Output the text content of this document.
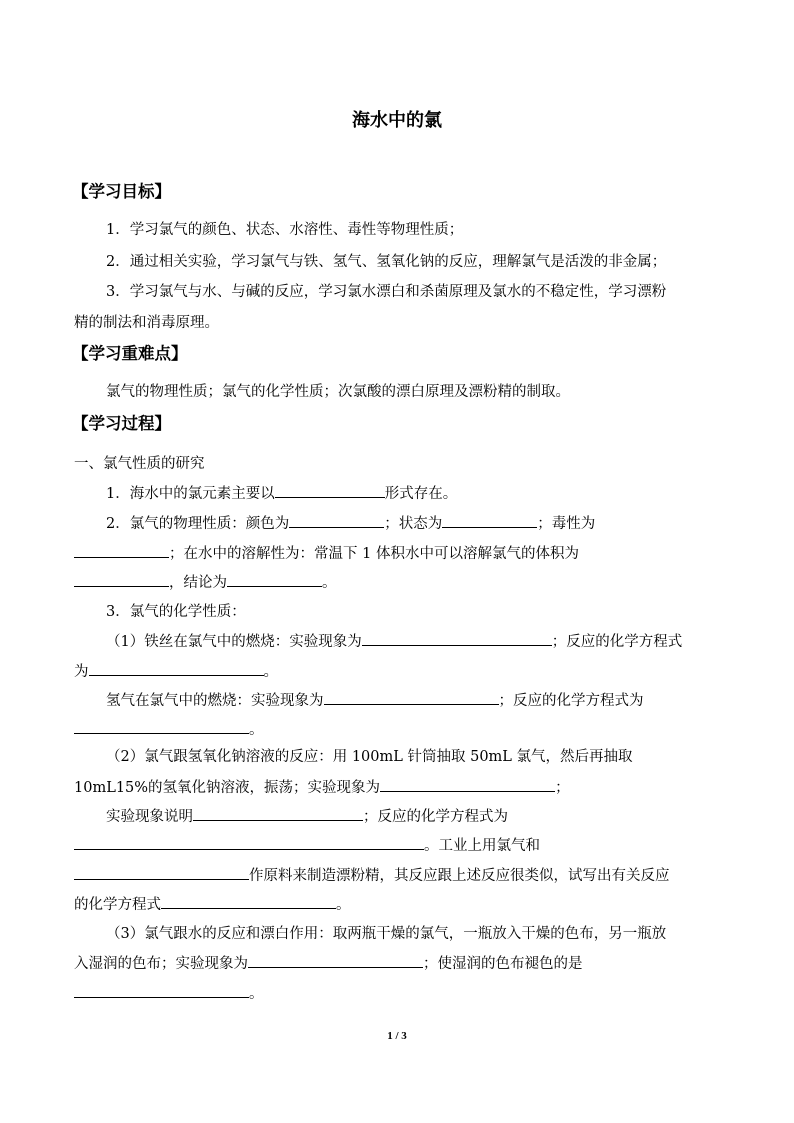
海水中的氯
【学习目标】
1．学习氯气的颜色、状态、水溶性、毒性等物理性质；
2．通过相关实验，学习氯气与铁、氢气、氢氧化钠的反应，理解氯气是活泼的非金属；
3．学习氯气与水、与碱的反应，学习氯水漂白和杀菌原理及氯水的不稳定性，学习漂粉
精的制法和消毒原理。
【学习重难点】
氯气的物理性质；氯气的化学性质；次氯酸的漂白原理及漂粉精的制取。
【学习过程】
一、氯气性质的研究
1．海水中的氯元素主要以	形式存在。
2．氯气的物理性质：颜色为	；状态为	；毒性为
；在水中的溶解性为：常温下 1 体积水中可以溶解氯气的体积为
，结论为	。
3．氯气的化学性质：
（1）铁丝在氯气中的燃烧：实验现象为	；反应的化学方程式
为	。
氢气在氯气中的燃烧：实验现象为	；反应的化学方程式为
。
（2）氯气跟氢氧化钠溶液的反应：用 100mL 针筒抽取 50mL 氯气，然后再抽取
10mL15%的氢氧化钠溶液，振荡；实验现象为	；
实验现象说明	；反应的化学方程式为
。工业上用氯气和
作原料来制造漂粉精，其反应跟上述反应很类似，试写出有关反应
的化学方程式	。
（3）氯气跟水的反应和漂白作用：取两瓶干燥的氯气，一瓶放入干燥的色布，另一瓶放
入湿润的色布；实验现象为	；使湿润的色布褪色的是
。
1 / 3
